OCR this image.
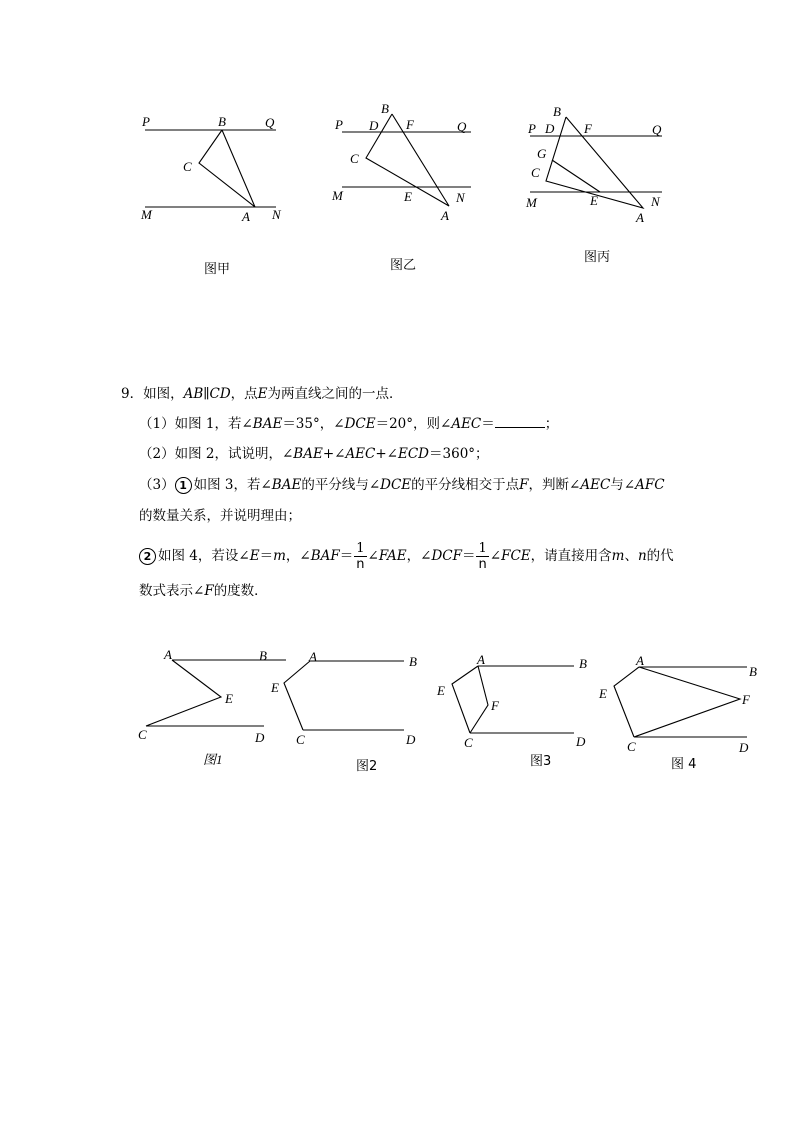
P	B	Q
C
M	A N
图甲
B
P D F	Q
C
M	E	N
A
图乙
B
P D F	Q
G
C
M	E	N
A
图丙
A	B
E
C	D
图1
A	B
E
C	D
图2
A	B
E
F
C	D
图3
A
B
E	F
C	D
图 4
9．如图，AB∥CD，点E为两直线之间的一点．
（1）如图 1，若∠BAE＝35°，∠DCE＝20°，则∠AEC＝	；
（2）如图 2，试说明，∠BAE+∠AEC+∠ECD＝360°；
（3） 1 如图 3，若∠BAE的平分线与∠DCE的平分线相交于点F，判断∠AEC与∠AFC
的数量关系，并说明理由；
2 如图 4，若设∠E＝m，∠BAF＝ $\frac{1}{n}$ ∠FAE，∠DCF＝ $\frac{1}{n}$ ∠FCE，请直接用含m、n的代
数式表示∠F的度数．
